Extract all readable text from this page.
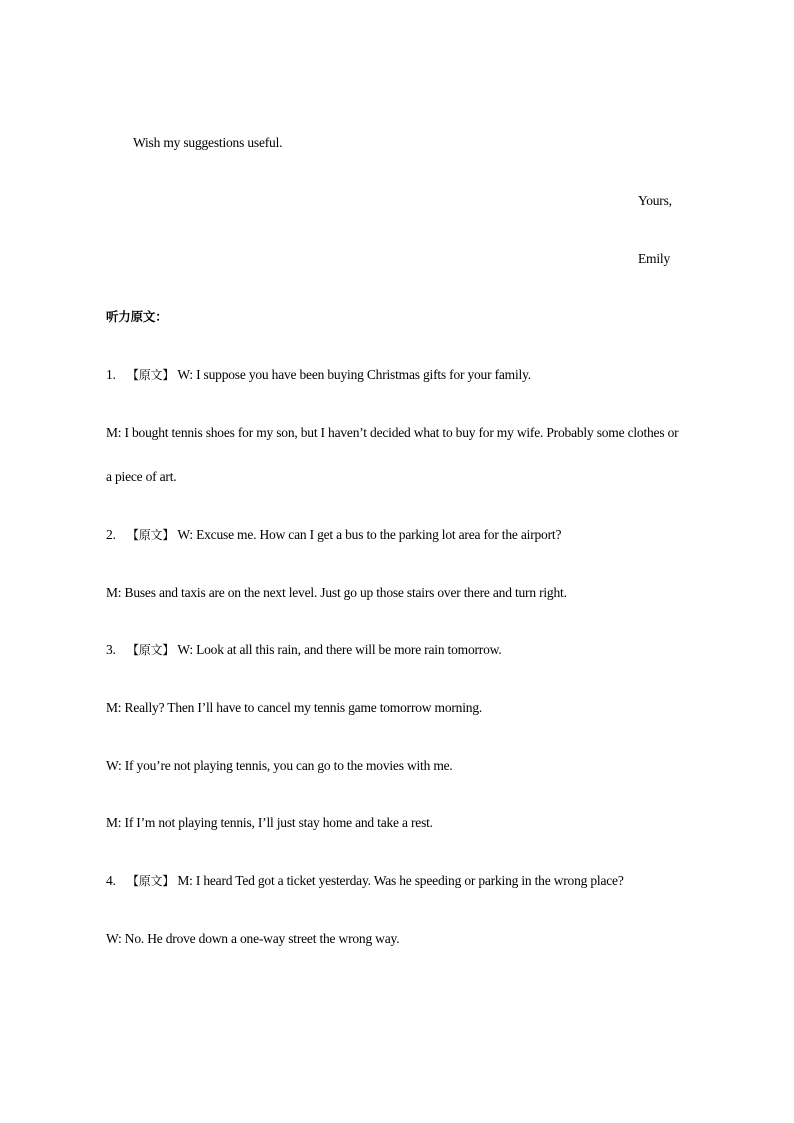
Wish my suggestions useful.
Yours,
Emily
听力原文：
1. 【原文】 W: I suppose you have been buying Christmas gifts for your family.
M: I bought tennis shoes for my son, but I haven’t decided what to buy for my wife. Probably some clothes or
a piece of art.
2. 【原文】 W: Excuse me. How can I get a bus to the parking lot area for the airport?
M: Buses and taxis are on the next level. Just go up those stairs over there and turn right.
3. 【原文】 W: Look at all this rain, and there will be more rain tomorrow.
M: Really? Then I’ll have to cancel my tennis game tomorrow morning.
W: If you’re not playing tennis, you can go to the movies with me.
M: If I’m not playing tennis, I’ll just stay home and take a rest.
4. 【原文】 M: I heard Ted got a ticket yesterday. Was he speeding or parking in the wrong place?
W: No. He drove down a one-way street the wrong way.
